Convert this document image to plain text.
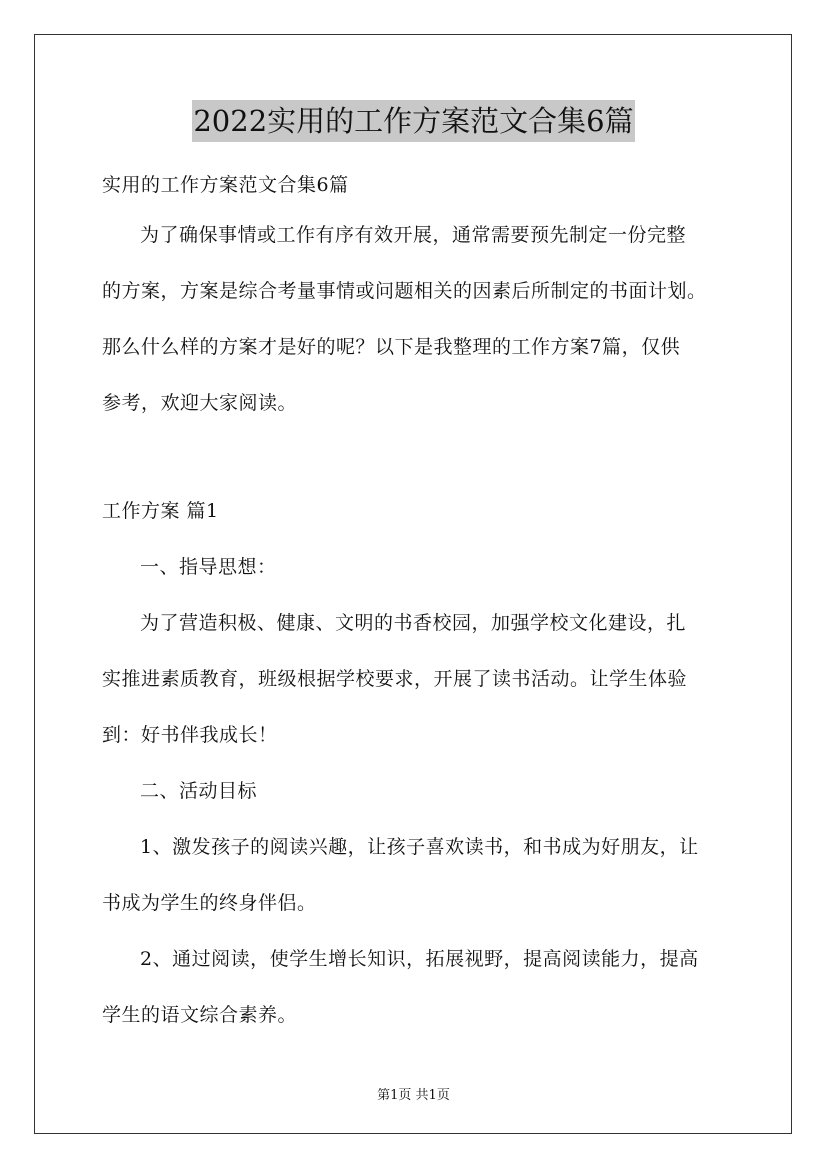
2022实用的工作方案范文合集6篇

实用的工作方案范文合集6篇

为了确保事情或工作有序有效开展，通常需要预先制定一份完整

的方案，方案是综合考量事情或问题相关的因素后所制定的书面计划。

那么什么样的方案才是好的呢？以下是我整理的工作方案7篇，仅供

参考，欢迎大家阅读。

工作方案 篇1

一、指导思想：

为了营造积极、健康、文明的书香校园，加强学校文化建设，扎

实推进素质教育，班级根据学校要求，开展了读书活动。让学生体验

到：好书伴我成长！

二、活动目标

1、激发孩子的阅读兴趣，让孩子喜欢读书，和书成为好朋友，让

书成为学生的终身伴侣。

2、通过阅读，使学生增长知识，拓展视野，提高阅读能力，提高

学生的语文综合素养。

第1页 共1页
